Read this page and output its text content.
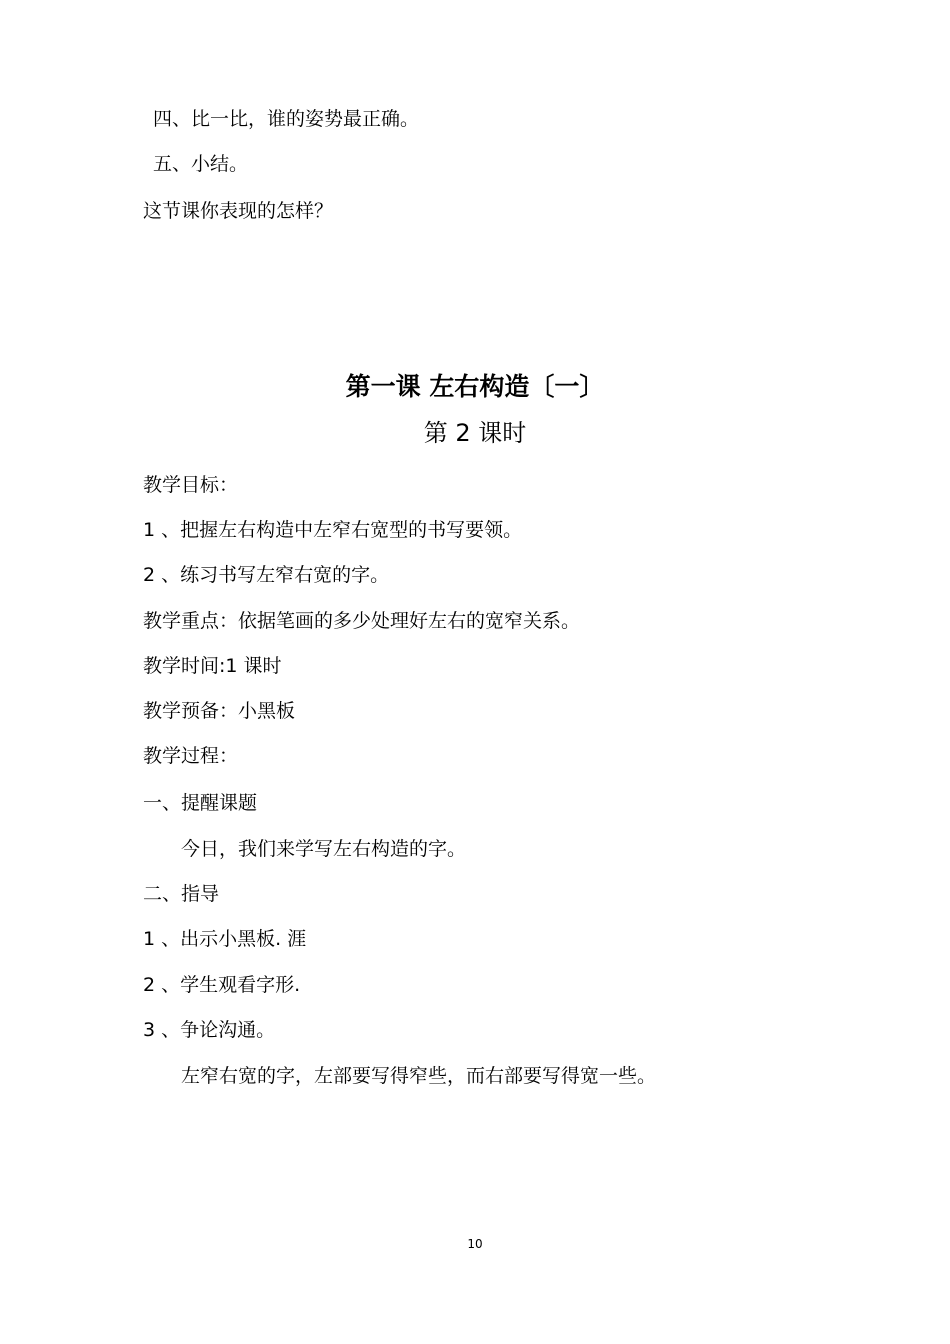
四、比一比，谁的姿势最正确。
五、小结。
这节课你表现的怎样？
第一课 左右构造〔一〕
第 2 课时
教学目标：
1 、把握左右构造中左窄右宽型的书写要领。
2 、练习书写左窄右宽的字。
教学重点：依据笔画的多少处理好左右的宽窄关系。
教学时间:1 课时
教学预备：小黑板
教学过程：
一、提醒课题
今日，我们来学写左右构造的字。
二、指导
1 、出示小黑板. 涯
2 、学生观看字形.
3 、争论沟通。
左窄右宽的字，左部要写得窄些，而右部要写得宽一些。
10
